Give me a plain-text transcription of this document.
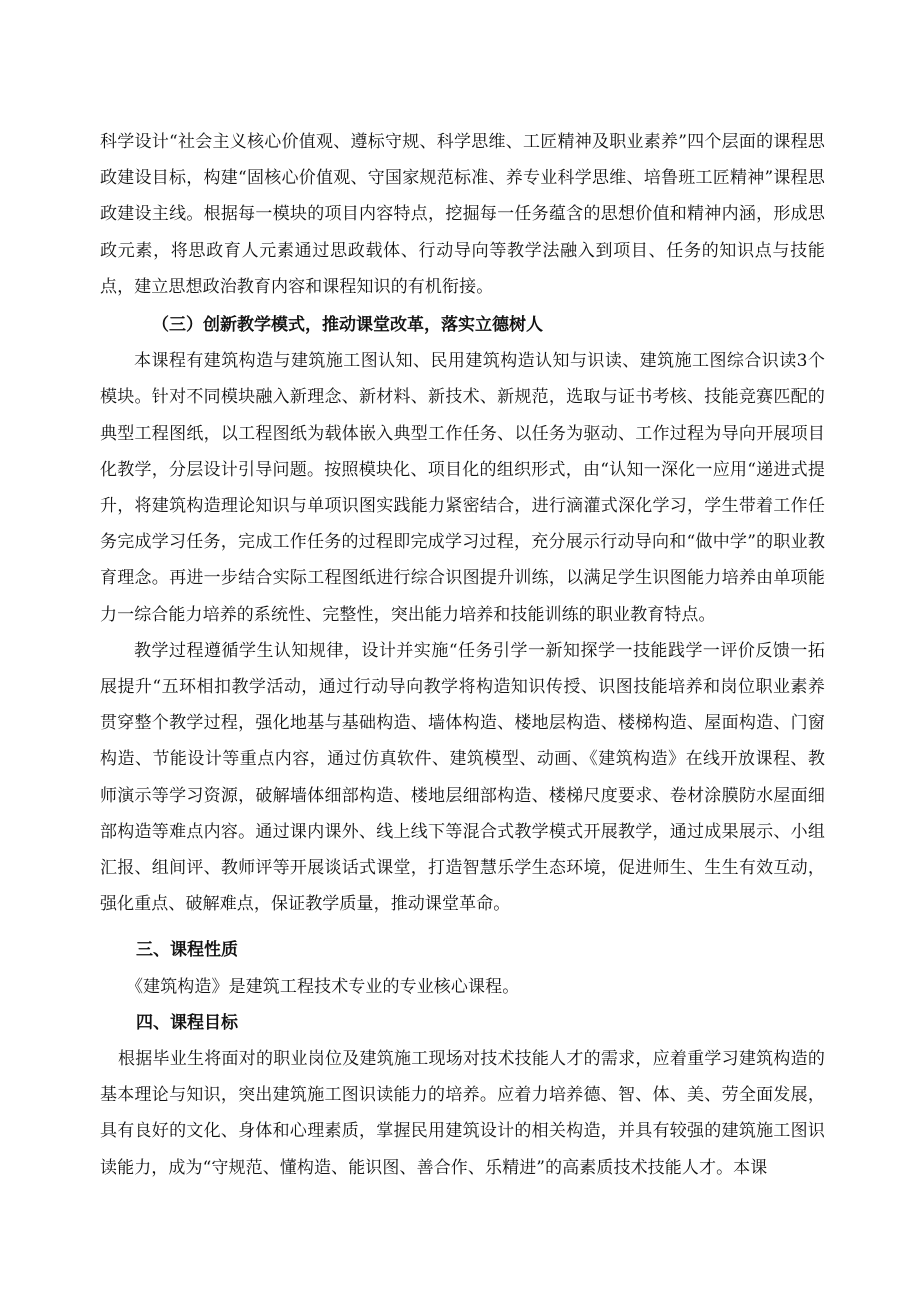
科学设计“社会主义核心价值观、遵标守规、科学思维、工匠精神及职业素养”四个层面的课程思政建设目标，构建“固核心价值观、守国家规范标准、养专业科学思维、培鲁班工匠精神”课程思政建设主线。根据每一模块的项目内容特点，挖掘每一任务蕴含的思想价值和精神内涵，形成思政元素，将思政育人元素通过思政载体、行动导向等教学法融入到项目、任务的知识点与技能点，建立思想政治教育内容和课程知识的有机衔接。

（三）创新教学模式，推动课堂改革，落实立德树人

本课程有建筑构造与建筑施工图认知、民用建筑构造认知与识读、建筑施工图综合识读3个模块。针对不同模块融入新理念、新材料、新技术、新规范，选取与证书考核、技能竞赛匹配的典型工程图纸，以工程图纸为载体嵌入典型工作任务、以任务为驱动、工作过程为导向开展项目化教学，分层设计引导问题。按照模块化、项目化的组织形式，由“认知一深化一应用“递进式提升，将建筑构造理论知识与单项识图实践能力紧密结合，进行滴灌式深化学习，学生带着工作任务完成学习任务，完成工作任务的过程即完成学习过程，充分展示行动导向和“做中学”的职业教育理念。再进一步结合实际工程图纸进行综合识图提升训练，以满足学生识图能力培养由单项能力一综合能力培养的系统性、完整性，突出能力培养和技能训练的职业教育特点。

教学过程遵循学生认知规律，设计并实施“任务引学一新知探学一技能践学一评价反馈一拓展提升“五环相扣教学活动，通过行动导向教学将构造知识传授、识图技能培养和岗位职业素养贯穿整个教学过程，强化地基与基础构造、墙体构造、楼地层构造、楼梯构造、屋面构造、门窗构造、节能设计等重点内容，通过仿真软件、建筑模型、动画、《建筑构造》在线开放课程、教师演示等学习资源，破解墙体细部构造、楼地层细部构造、楼梯尺度要求、卷材涂膜防水屋面细部构造等难点内容。通过课内课外、线上线下等混合式教学模式开展教学，通过成果展示、小组汇报、组间评、教师评等开展谈话式课堂，打造智慧乐学生态环境，促进师生、生生有效互动，强化重点、破解难点，保证教学质量，推动课堂革命。

三、课程性质

《建筑构造》是建筑工程技术专业的专业核心课程。

四、课程目标

根据毕业生将面对的职业岗位及建筑施工现场对技术技能人才的需求，应着重学习建筑构造的基本理论与知识，突出建筑施工图识读能力的培养。应着力培养德、智、体、美、劳全面发展，具有良好的文化、身体和心理素质，掌握民用建筑设计的相关构造，并具有较强的建筑施工图识读能力，成为“守规范、懂构造、能识图、善合作、乐精进”的高素质技术技能人才。本课
